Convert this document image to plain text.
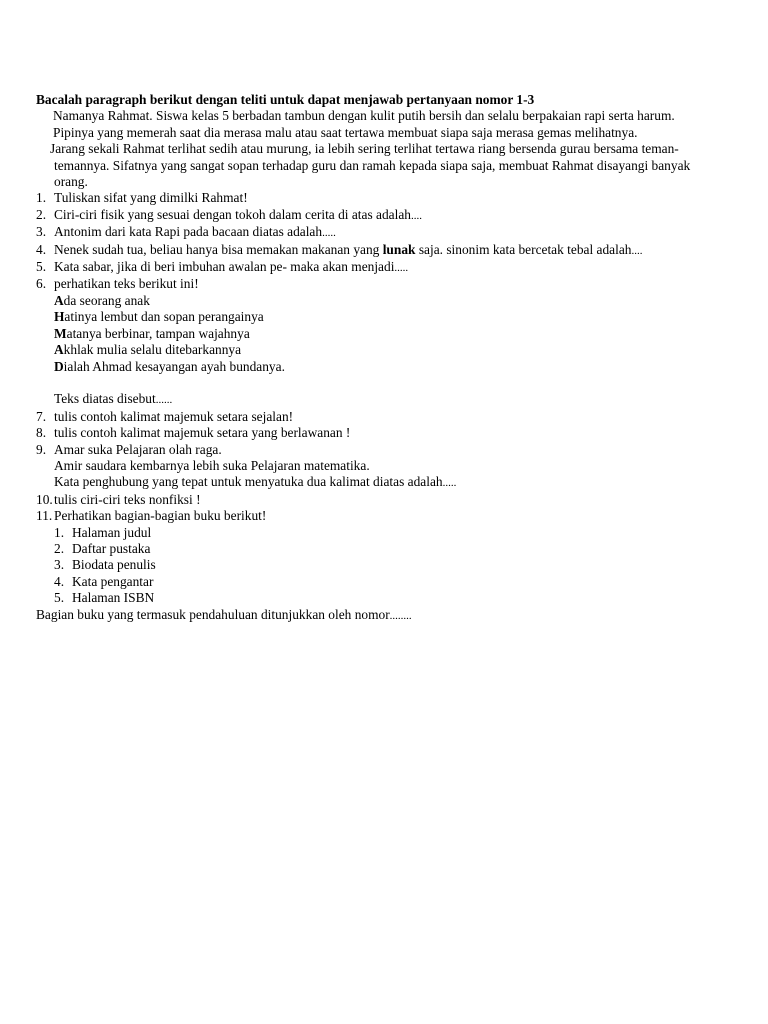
Bacalah paragraph berikut dengan teliti untuk dapat menjawab pertanyaan nomor 1-3
Namanya Rahmat. Siswa kelas 5 berbadan tambun dengan kulit putih bersih dan selalu berpakaian rapi serta harum.
Pipinya yang memerah saat dia merasa malu atau saat tertawa membuat siapa saja merasa gemas melihatnya.
Jarang sekali Rahmat terlihat sedih atau murung, ia lebih sering terlihat tertawa riang bersenda gurau bersama teman-
temannya. Sifatnya yang sangat sopan terhadap guru dan ramah kepada siapa saja, membuat Rahmat disayangi banyak
orang.
1. Tuliskan sifat yang dimilki Rahmat!
2. Ciri-ciri fisik yang sesuai dengan tokoh dalam cerita di atas adalah....
3. Antonim dari kata Rapi pada bacaan diatas adalah.....
4. Nenek sudah tua, beliau hanya bisa memakan makanan yang lunak saja. sinonim kata bercetak tebal adalah....
5. Kata sabar, jika di beri imbuhan awalan pe- maka akan menjadi.....
6. perhatikan teks berikut ini!
Ada seorang anak
Hatinya lembut dan sopan perangainya
Matanya berbinar, tampan wajahnya
Akhlak mulia selalu ditebarkannya
Dialah Ahmad kesayangan ayah bundanya.
Teks diatas disebut......
7. tulis contoh kalimat majemuk setara sejalan!
8. tulis contoh kalimat majemuk setara yang berlawanan !
9. Amar suka Pelajaran olah raga.
Amir saudara kembarnya lebih suka Pelajaran matematika.
Kata penghubung yang tepat untuk menyatuka dua kalimat diatas adalah.....
10. tulis ciri-ciri teks nonfiksi !
11. Perhatikan bagian-bagian buku berikut!
1. Halaman judul
2. Daftar pustaka
3. Biodata penulis
4. Kata pengantar
5. Halaman ISBN
Bagian buku yang termasuk pendahuluan ditunjukkan oleh nomor........
